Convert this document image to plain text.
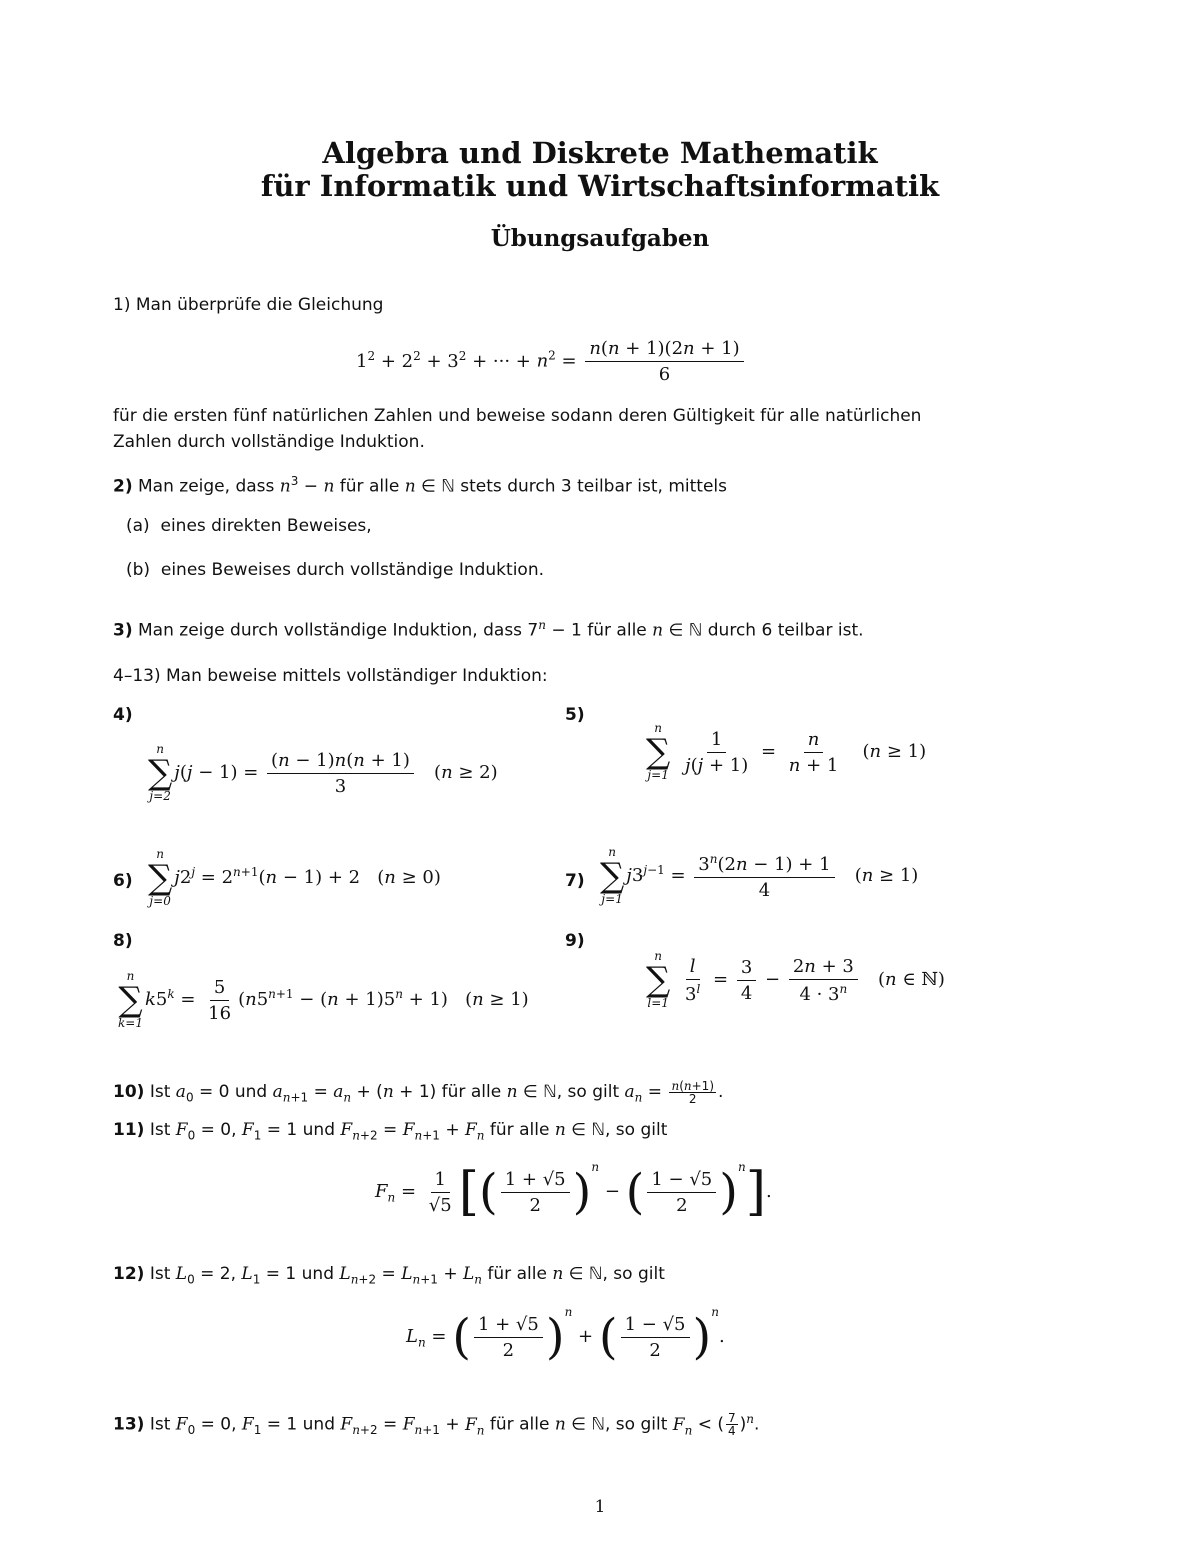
Algebra und Diskrete Mathematik
für Informatik und Wirtschaftsinformatik
Übungsaufgaben
1) Man überprüfe die Gleichung
$1^2 + 2^2 + 3^2$ + ··· + $n^2 = \frac{n(n + 1)(2n + 1)}{6}$
für die ersten fünf natürlichen Zahlen und beweise sodann deren Gültigkeit für alle natürlichen
Zahlen durch vollständige Induktion.
2) Man zeige, dass $n^3 - n$ für alle n ∈ ℕ stets durch 3 teilbar ist, mittels
(a) eines direkten Beweises,
(b) eines Beweises durch vollständige Induktion.
3) Man zeige durch vollständige Induktion, dass $7^n - 1$ für alle n ∈ ℕ durch 6 teilbar ist.
4–13) Man beweise mittels vollständiger Induktion:
4)
n
∑
j=2
$j(j - 1) = \frac{(n - 1)n(n + 1)}{3} (n \ge 2)$
5)
n
∑
j=1
$\frac{1}{j(j + 1)} = \frac{n}{n + 1} (n \ge 1)$
6)
n
∑
j=0
$j2^j = 2^{n+1}(n - 1) + 2$   (n ≥ 0)	7)
n
∑
j=1
$j3^{j-1} = \frac{3^n(2n - 1) + 1}{4} (n \ge 1)$
8)
n
∑
k=1
$k5^k = \frac{5}{16} (n5^{n+1} - (n + 1)5^n + 1) (n \ge 1)$
9)
n
∑
l=1
$\frac{l}{3^l} = \frac{3}{4} - \frac{2n + 3}{4 \cdot 3^n} (n$ ∈ ℕ)
10) Ist $a_0 = 0$ und $a_{n+1} = a_n + (n + 1)$ für alle n ∈ ℕ, so gilt $a_n = \frac{n(n+1)}{2}$ .
11) Ist $F_0 = 0$, $F_1 = 1$ und $F_{n+2} = F_{n+1} + F_n$ für alle n ∈ ℕ, so gilt
$F_n = \frac{1}{√5}$ [( $\frac{1 + √5}{2} )^n$ − ( $\frac{1 - √5}{2} )^n$].
12) Ist $L_0 = 2$, $L_1 = 1$ und $L_{n+2} = L_{n+1} + L_n$ für alle n ∈ ℕ, so gilt
$L_n$ = ( $\frac{1 + √5}{2} )^n$ + ( $\frac{1 - √5}{2} )^n$.
13) Ist $F_0 = 0$, $F_1 = 1$ und $F_{n+2} = F_{n+1} + F_n$ für alle n ∈ ℕ, so gilt $F_n$ < ( $\frac{7}{4} )^n$.
1
